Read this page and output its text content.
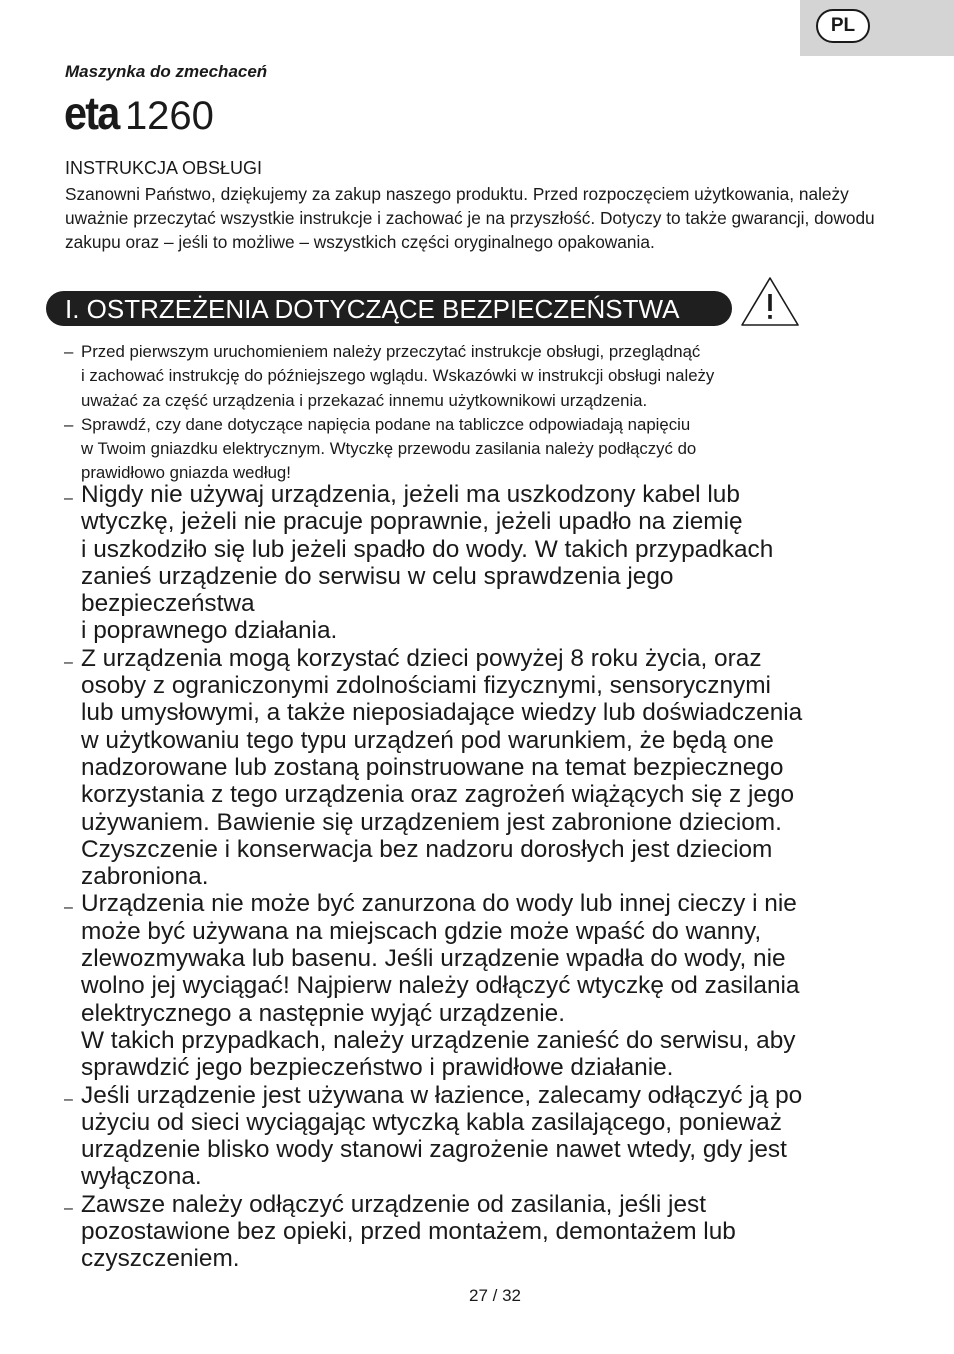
PL
Maszynka do zmechaceń
eta 1260
INSTRUKCJA OBSŁUGI
Szanowni Państwo, dziękujemy za zakup naszego produktu. Przed rozpoczęciem użytkowania, należy uważnie przeczytać wszystkie instrukcje i zachować je na przyszłość. Dotyczy to także gwarancji, dowodu zakupu oraz – jeśli to możliwe – wszystkich części oryginalnego opakowania.
I. OSTRZEŻENIA DOTYCZĄCE BEZPIECZEŃSTWA
– Przed pierwszym uruchomieniem należy przeczytać instrukcje obsługi, przeglądnąć
i zachować instrukcję do późniejszego wglądu. Wskazówki w instrukcji obsługi należy
uważać za część urządzenia i przekazać innemu użytkownikowi urządzenia.
– Sprawdź, czy dane dotyczące napięcia podane na tabliczce odpowiadają napięciu
w Twoim gniazdku elektrycznym. Wtyczkę przewodu zasilania należy podłączyć do
prawidłowo gniazda według!
– Nigdy nie używaj urządzenia, jeżeli ma uszkodzony kabel lub
wtyczkę, jeżeli nie pracuje poprawnie, jeżeli upadło na ziemię
i uszkodziło się lub jeżeli spadło do wody. W takich przypadkach
zanieś urządzenie do serwisu w celu sprawdzenia jego
bezpieczeństwa
i poprawnego działania.
– Z urządzenia mogą korzystać dzieci powyżej 8 roku życia, oraz
osoby z ograniczonymi zdolnościami fizycznymi, sensorycznymi
lub umysłowymi, a także nieposiadające wiedzy lub doświadczenia
w użytkowaniu tego typu urządzeń pod warunkiem, że będą one
nadzorowane lub zostaną poinstruowane na temat bezpiecznego
korzystania z tego urządzenia oraz zagrożeń wiążących się z jego
używaniem. Bawienie się urządzeniem jest zabronione dzieciom.
Czyszczenie i konserwacja bez nadzoru dorosłych jest dzieciom
zabroniona.
– Urządzenia nie może być zanurzona do wody lub innej cieczy i nie
może być używana na miejscach gdzie może wpaść do wanny,
zlewozmywaka lub basenu. Jeśli urządzenie wpadła do wody, nie
wolno jej wyciągać! Najpierw należy odłączyć wtyczkę od zasilania
elektrycznego a następnie wyjąć urządzenie.
W takich przypadkach, należy urządzenie zanieść do serwisu, aby
sprawdzić jego bezpieczeństwo i prawidłowe działanie.
– Jeśli urządzenie jest używana w łazience, zalecamy odłączyć ją po
użyciu od sieci wyciągając wtyczką kabla zasilającego, ponieważ
urządzenie blisko wody stanowi zagrożenie nawet wtedy, gdy jest
wyłączona.
– Zawsze należy odłączyć urządzenie od zasilania, jeśli jest
pozostawione bez opieki, przed montażem, demontażem lub
czyszczeniem.
27 / 32
